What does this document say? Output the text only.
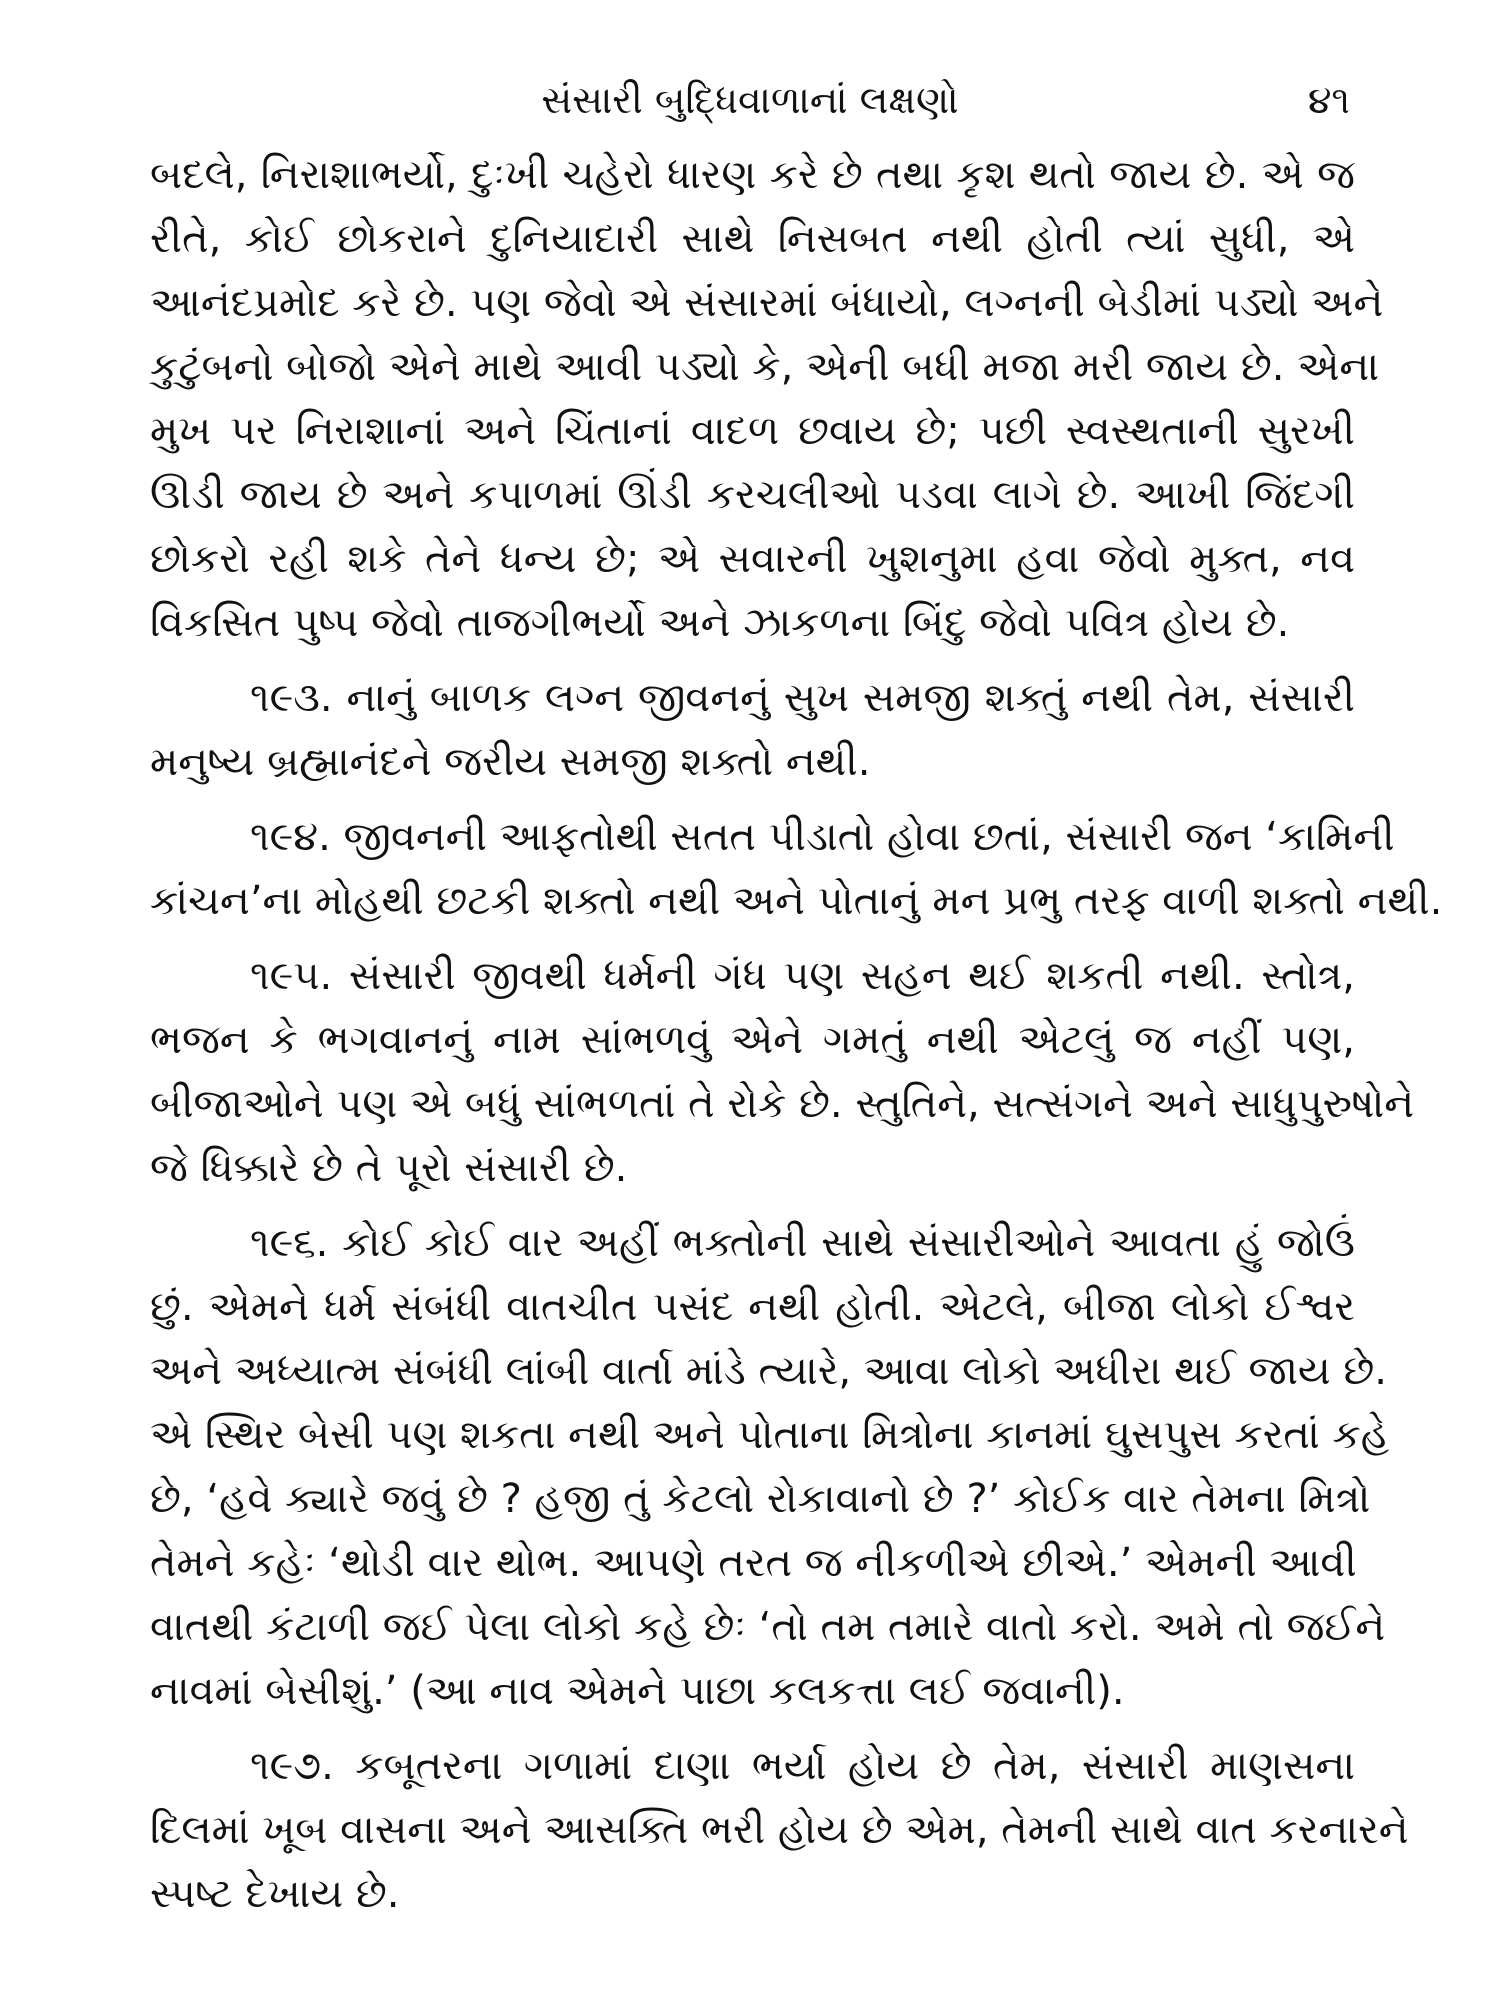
સંસારી બુદ્ધિવાળાનાં લક્ષણો	૪૧
બદલે, નિરાશાભર્યો, દુઃખી ચહેરો ધારણ કરે છે તથા કૃશ થતો જાય છે. એ જ
રીતે, કોઈ છોકરાને દુનિયાદારી સાથે નિસબત નથી હોતી ત્યાં સુધી, એ
આનંદપ્રમોદ કરે છે. પણ જેવો એ સંસારમાં બંધાયો, લગ્નની બેડીમાં પડ્યો અને
કુટુંબનો બોજો એને માથે આવી પડ્યો કે, એની બધી મજા મરી જાય છે. એના
મુખ પર નિરાશાનાં અને ચિંતાનાં વાદળ છવાય છે; પછી સ્વસ્થતાની સુરખી
ઊડી જાય છે અને કપાળમાં ઊંડી કરચલીઓ પડવા લાગે છે. આખી જિંદગી
છોકરો રહી શકે તેને ધન્ય છે; એ સવારની ખુશનુમા હવા જેવો મુક્ત, નવ
વિકસિત પુષ્પ જેવો તાજગીભર્યો અને ઝાકળના બિંદુ જેવો પવિત્ર હોય છે.
૧૯૩. નાનું બાળક લગ્ન જીવનનું સુખ સમજી શક્તું નથી તેમ, સંસારી
મનુષ્ય બ્રહ્માનંદને જરીય સમજી શક્તો નથી.
૧૯૪. જીવનની આફતોથી સતત પીડાતો હોવા છતાં, સંસારી જન ‘કામિની
કાંચન’ના મોહથી છટકી શક્તો નથી અને પોતાનું મન પ્રભુ તરફ વાળી શક્તો નથી.
૧૯૫. સંસારી જીવથી ધર્મની ગંધ પણ સહન થઈ શકતી નથી. સ્તોત્ર,
ભજન કે ભગવાનનું નામ સાંભળવું એને ગમતું નથી એટલું જ નહીં પણ,
બીજાઓને પણ એ બધું સાંભળતાં તે રોકે છે. સ્તુતિને, સત્સંગને અને સાધુપુરુષોને
જે ધિક્કારે છે તે પૂરો સંસારી છે.
૧૯૬. કોઈ કોઈ વાર અહીં ભક્તોની સાથે સંસારીઓને આવતા હું જોઉં
છું. એમને ધર્મ સંબંધી વાતચીત પસંદ નથી હોતી. એટલે, બીજા લોકો ઈશ્વર
અને અધ્યાત્મ સંબંધી લાંબી વાર્તા માંડે ત્યારે, આવા લોકો અધીરા થઈ જાય છે.
એ સ્થિર બેસી પણ શકતા નથી અને પોતાના મિત્રોના કાનમાં ઘુસપુસ કરતાં કહે
છે, ‘હવે ક્યારે જવું છે ? હજી તું કેટલો રોકાવાનો છે ?’ કોઈક વાર તેમના મિત્રો
તેમને કહેઃ ‘થોડી વાર થોભ. આપણે તરત જ નીકળીએ છીએ.’ એમની આવી
વાતથી કંટાળી જઈ પેલા લોકો કહે છેઃ ‘તો તમ તમારે વાતો કરો. અમે તો જઈને
નાવમાં બેસીશું.’ (આ નાવ એમને પાછા કલકત્તા લઈ જવાની).
૧૯૭. કબૂતરના ગળામાં દાણા ભર્યા હોય છે તેમ, સંસારી માણસના
દિલમાં ખૂબ વાસના અને આસક્તિ ભરી હોય છે એમ, તેમની સાથે વાત કરનારને
સ્પષ્ટ દેખાય છે.
